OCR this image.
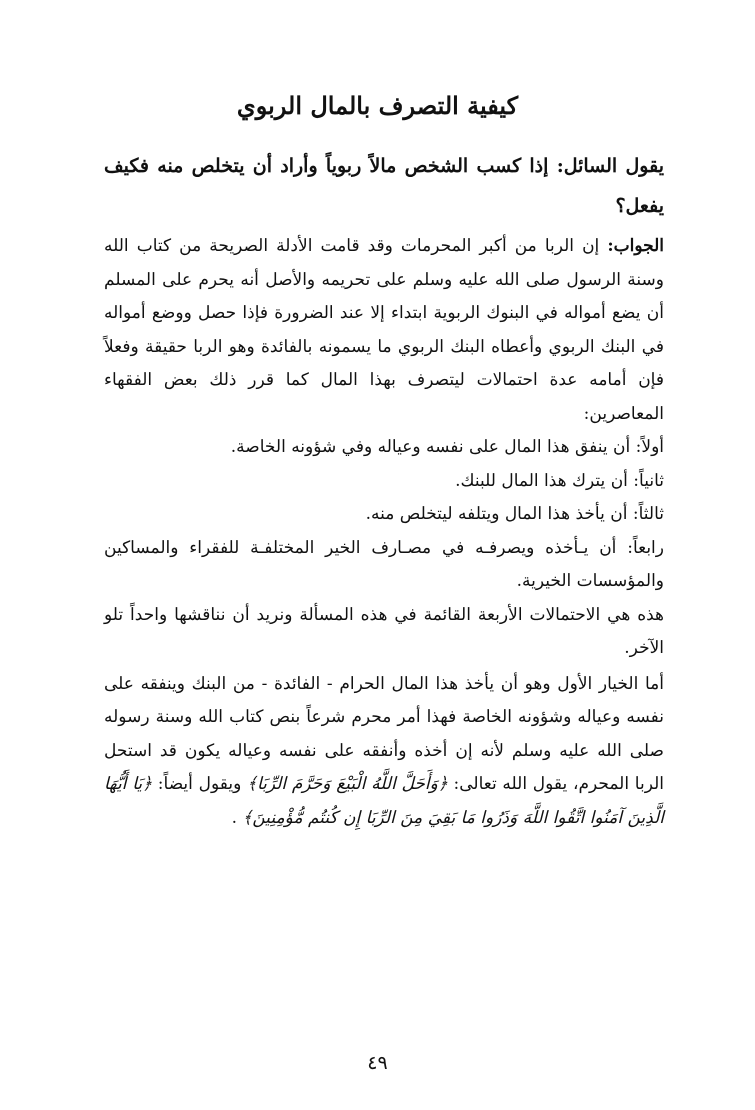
كيفية التصرف بالمال الربوي

يقول السائل: إذا كسب الشخص مالاً ربوياً وأراد أن يتخلص منه فكيف يفعل؟

الجواب: إن الربا من أكبر المحرمات وقد قامت الأدلة الصريحة من كتاب الله وسنة الرسول صلى الله عليه وسلم على تحريمه والأصل أنه يحرم على المسلم أن يضع أمواله في البنوك الربوية ابتداء إلا عند الضرورة فإذا حصل ووضع أمواله في البنك الربوي وأعطاه البنك الربوي ما يسمونه بالفائدة وهو الربا حقيقة وفعلاً فإن أمامه عدة احتمالات ليتصرف بهذا المال كما قرر ذلك بعض الفقهاء المعاصرين:

أولاً: أن ينفق هذا المال على نفسه وعياله وفي شؤونه الخاصة.

ثانياً: أن يترك هذا المال للبنك.

ثالثاً: أن يأخذ هذا المال ويتلفه ليتخلص منه.

رابعاً: أن يـأخذه ويصرفـه في مصـارف الخير المختلفـة للفقراء والمساكين والمؤسسات الخيرية.

هذه هي الاحتمالات الأربعة القائمة في هذه المسألة ونريد أن نناقشها واحداً تلو الآخر.

أما الخيار الأول وهو أن يأخذ هذا المال الحرام - الفائدة - من البنك وينفقه على نفسه وعياله وشؤونه الخاصة فهذا أمر محرم شرعاً بنص كتاب الله وسنة رسوله صلى الله عليه وسلم لأنه إن أخذه وأنفقه على نفسه وعياله يكون قد استحل الربا المحرم، يقول الله تعالى: ﴿وَأَحَلَّ اللَّهُ الْبَيْعَ وَحَرَّمَ الرِّبَا﴾ ويقول أيضاً: ﴿يَا أَيُّهَا الَّذِينَ آمَنُوا اتَّقُوا اللَّهَ وَذَرُوا مَا بَقِيَ مِنَ الرِّبَا إِن كُنتُم مُّؤْمِنِينَ﴾ .

٤٩
